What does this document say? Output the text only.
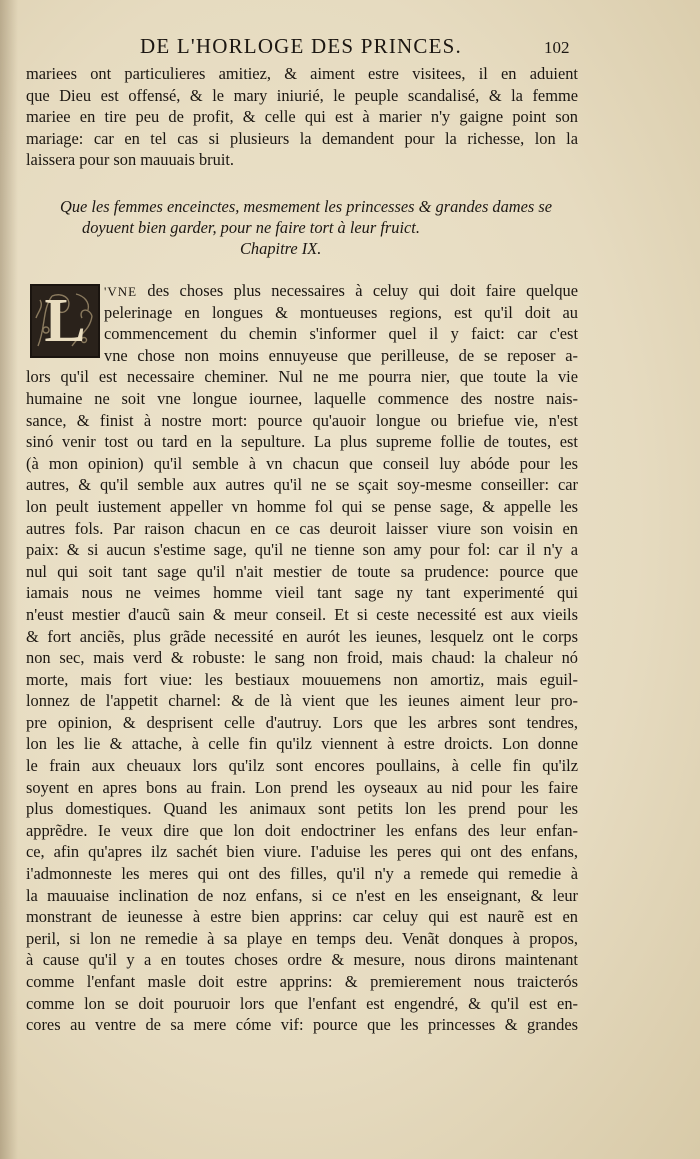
DE L'HORLOGE DES PRINCES.	102
mariees ont particulieres amitiez, & aiment estre visitees, il en aduient
que Dieu est offensé, & le mary iniurié, le peuple scandalisé, & la femme
mariee en tire peu de profit, & celle qui est à marier n'y gaigne point son
mariage: car en tel cas si plusieurs la demandent pour la richesse, lon la
laissera pour son mauuais bruit.
Que les femmes enceinctes, mesmement les princesses & grandes dames se
doyuent bien garder, pour ne faire tort à leur fruict.
Chapitre IX.
L	'VNE des choses plus necessaires à celuy qui doit faire quelque
pelerinage en longues & montueuses regions, est qu'il doit au
commencement du chemin s'informer quel il y faict: car c'est
vne chose non moins ennuyeuse que perilleuse, de se reposer a-
lors qu'il est necessaire cheminer. Nul ne me pourra nier, que toute la vie
humaine ne soit vne longue iournee, laquelle commence des nostre nais-
sance, & finist à nostre mort: pource qu'auoir longue ou briefue vie, n'est
sinó venir tost ou tard en la sepulture. La plus supreme follie de toutes, est
(à mon opinion) qu'il semble à vn chacun que conseil luy abóde pour les
autres, & qu'il semble aux autres qu'il ne se sçait soy-mesme conseiller: car
lon peult iustement appeller vn homme fol qui se pense sage, & appelle les
autres fols. Par raison chacun en ce cas deuroit laisser viure son voisin en
paix: & si aucun s'estime sage, qu'il ne tienne son amy pour fol: car il n'y a
nul qui soit tant sage qu'il n'ait mestier de toute sa prudence: pource que
iamais nous ne veimes homme vieil tant sage ny tant experimenté qui
n'eust mestier d'aucũ sain & meur conseil. Et si ceste necessité est aux vieils
& fort anciẽs, plus grãde necessité en aurót les ieunes, lesquelz ont le corps
non sec, mais verd & robuste: le sang non froid, mais chaud: la chaleur nó
morte, mais fort viue: les bestiaux mouuemens non amortiz, mais eguil-
lonnez de l'appetit charnel: & de là vient que les ieunes aiment leur pro-
pre opinion, & desprisent celle d'autruy. Lors que les arbres sont tendres,
lon les lie & attache, à celle fin qu'ilz viennent à estre droicts. Lon donne
le frain aux cheuaux lors qu'ilz sont encores poullains, à celle fin qu'ilz
soyent en apres bons au frain. Lon prend les oyseaux au nid pour les faire
plus domestiques. Quand les animaux sont petits lon les prend pour les
apprẽdre. Ie veux dire que lon doit endoctriner les enfans des leur enfan-
ce, afin qu'apres ilz sachét bien viure. I'aduise les peres qui ont des enfans,
i'admonneste les meres qui ont des filles, qu'il n'y a remede qui remedie à
la mauuaise inclination de noz enfans, si ce n'est en les enseignant, & leur
monstrant de ieunesse à estre bien apprins: car celuy qui est naurẽ est en
peril, si lon ne remedie à sa playe en temps deu. Venãt donques à propos,
à cause qu'il y a en toutes choses ordre & mesure, nous dirons maintenant
comme l'enfant masle doit estre apprins: & premierement nous traicterós
comme lon se doit pouruoir lors que l'enfant est engendré, & qu'il est en-
cores au ventre de sa mere cóme vif: pource que les princesses & grandes
